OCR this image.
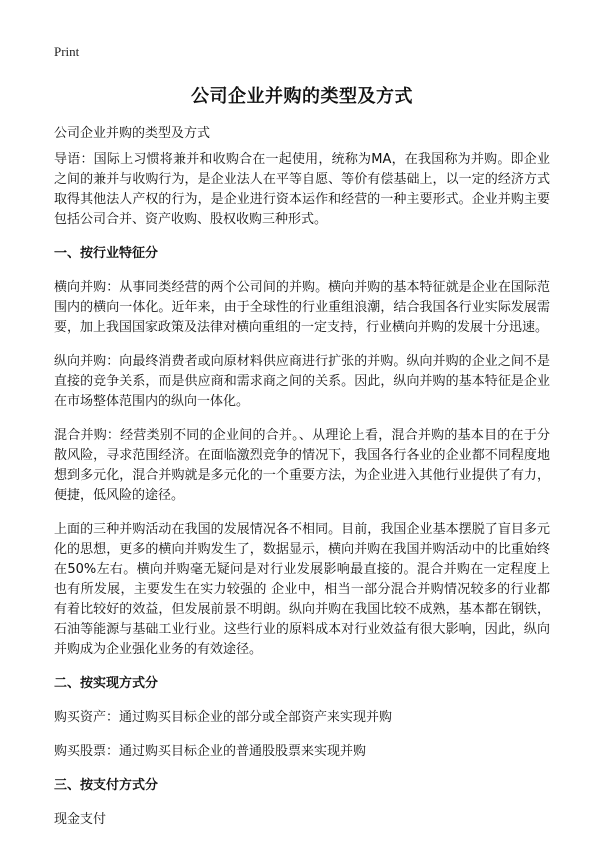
Print
公司企业并购的类型及方式

公司企业并购的类型及方式

导语：国际上习惯将兼并和收购合在一起使用，统称为MA，在我国称为并购。即企业之间的兼并与收购行为，是企业法人在平等自愿、等价有偿基础上，以一定的经济方式取得其他法人产权的行为，是企业进行资本运作和经营的一种主要形式。企业并购主要包括公司合并、资产收购、股权收购三种形式。

一、按行业特征分

横向并购：从事同类经营的两个公司间的并购。横向并购的基本特征就是企业在国际范围内的横向一体化。近年来，由于全球性的行业重组浪潮，结合我国各行业实际发展需要，加上我国国家政策及法律对横向重组的一定支持，行业横向并购的发展十分迅速。

纵向并购：向最终消费者或向原材料供应商进行扩张的并购。纵向并购的企业之间不是直接的竞争关系，而是供应商和需求商之间的关系。因此，纵向并购的基本特征是企业在市场整体范围内的纵向一体化。

混合并购：经营类别不同的企业间的合并。、从理论上看，混合并购的基本目的在于分散风险，寻求范围经济。在面临激烈竞争的情况下，我国各行各业的企业都不同程度地想到多元化，混合并购就是多元化的一个重要方法，为企业进入其他行业提供了有力，便捷，低风险的途径。

上面的三种并购活动在我国的发展情况各不相同。目前，我国企业基本摆脱了盲目多元化的思想，更多的横向并购发生了，数据显示，横向并购在我国并购活动中的比重始终在50%左右。横向并购毫无疑问是对行业发展影响最直接的。混合并购在一定程度上也有所发展，主要发生在实力较强的 企业中，相当一部分混合并购情况较多的行业都有着比较好的效益，但发展前景不明朗。纵向并购在我国比较不成熟，基本都在钢铁，石油等能源与基础工业行业。这些行业的原料成本对行业效益有很大影响，因此，纵向并购成为企业强化业务的有效途径。

二、按实现方式分

购买资产：通过购买目标企业的部分或全部资产来实现并购

购买股票：通过购买目标企业的普通股股票来实现并购

三、按支付方式分

现金支付
